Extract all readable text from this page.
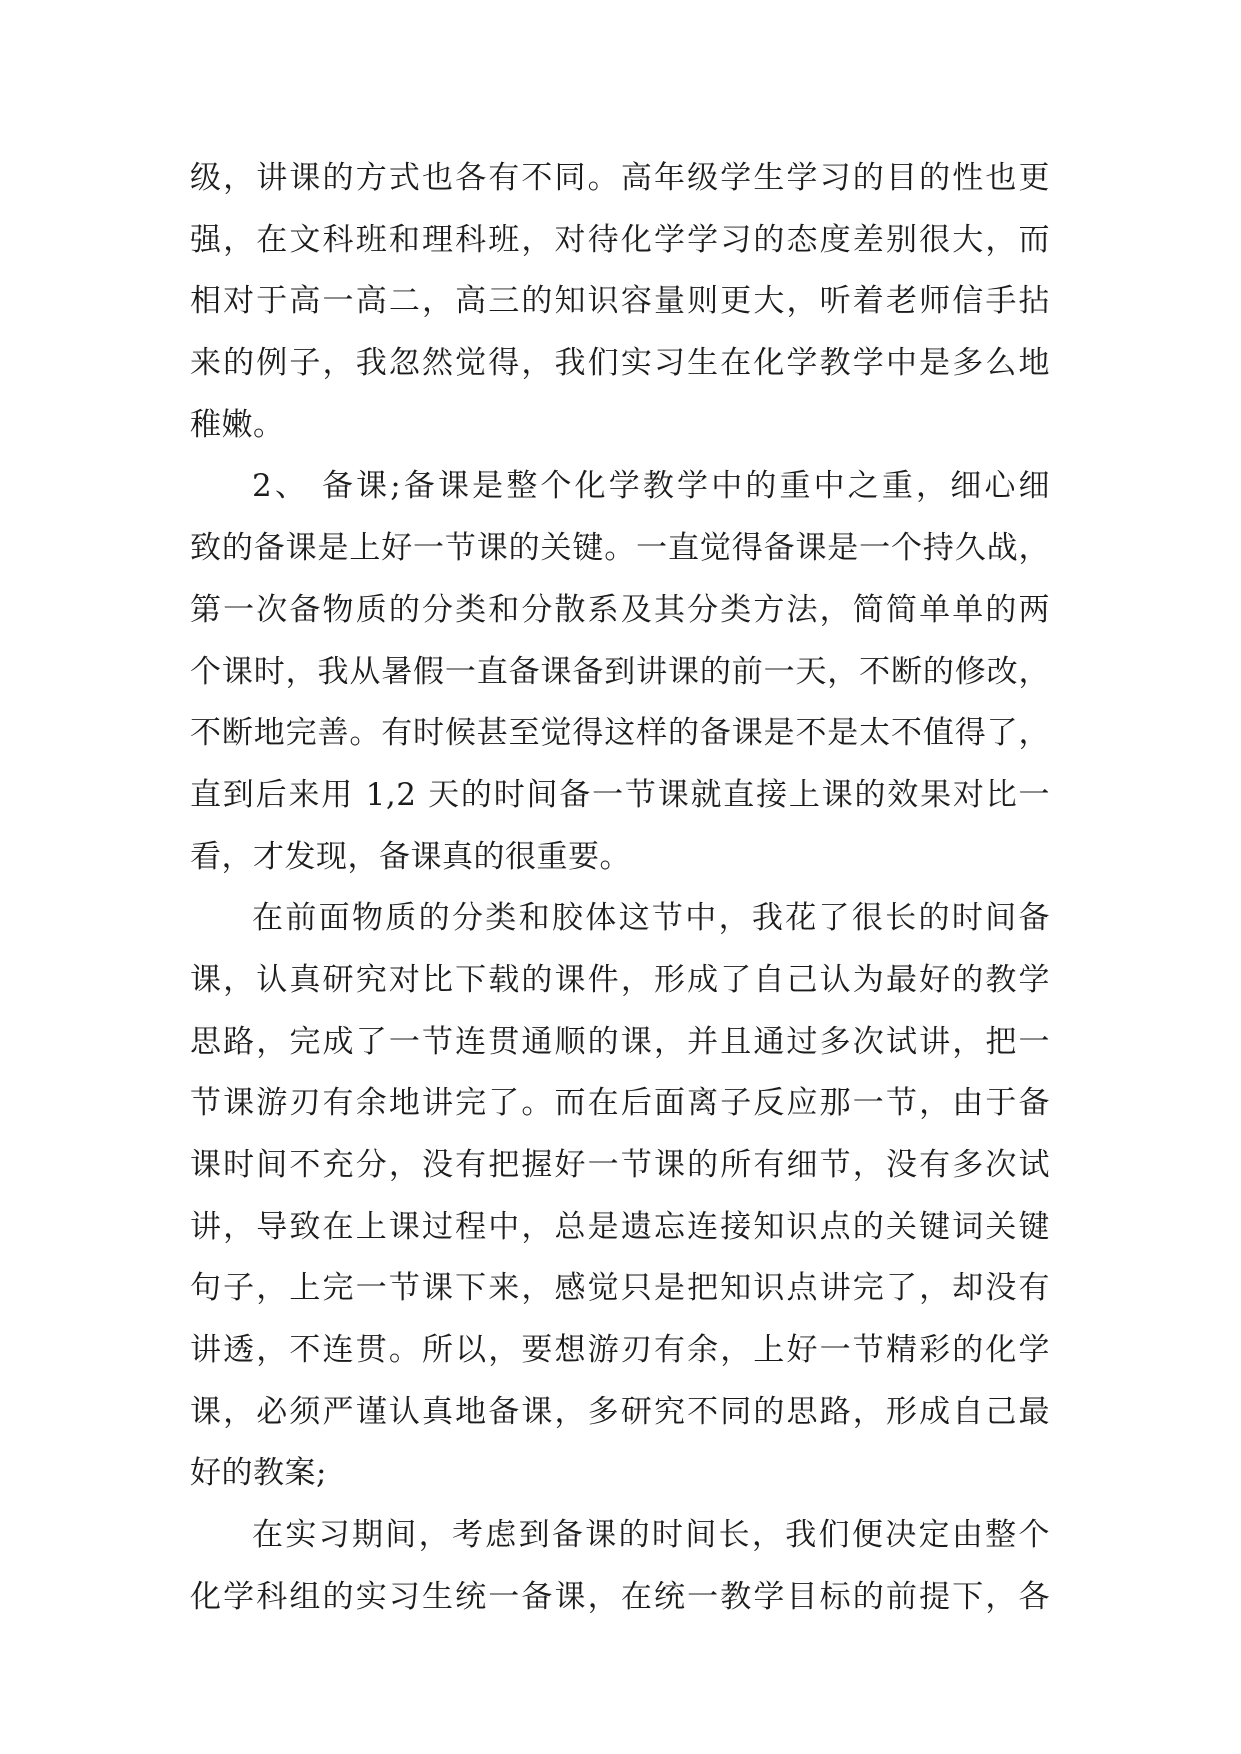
级，讲课的方式也各有不同。高年级学生学习的目的性也更
强，在文科班和理科班，对待化学学习的态度差别很大，而
相对于高一高二，高三的知识容量则更大，听着老师信手拈
来的例子，我忽然觉得，我们实习生在化学教学中是多么地
稚嫩。
2、 备课;备课是整个化学教学中的重中之重，细心细
致的备课是上好一节课的关键。一直觉得备课是一个持久战，
第一次备物质的分类和分散系及其分类方法，简简单单的两
个课时，我从暑假一直备课备到讲课的前一天，不断的修改，
不断地完善。有时候甚至觉得这样的备课是不是太不值得了，
直到后来用 1,2 天的时间备一节课就直接上课的效果对比一
看，才发现，备课真的很重要。
在前面物质的分类和胶体这节中，我花了很长的时间备
课，认真研究对比下载的课件，形成了自己认为最好的教学
思路，完成了一节连贯通顺的课，并且通过多次试讲，把一
节课游刃有余地讲完了。而在后面离子反应那一节，由于备
课时间不充分，没有把握好一节课的所有细节，没有多次试
讲，导致在上课过程中，总是遗忘连接知识点的关键词关键
句子，上完一节课下来，感觉只是把知识点讲完了，却没有
讲透，不连贯。所以，要想游刃有余，上好一节精彩的化学
课，必须严谨认真地备课，多研究不同的思路，形成自己最
好的教案;
在实习期间，考虑到备课的时间长，我们便决定由整个
化学科组的实习生统一备课，在统一教学目标的前提下，各
